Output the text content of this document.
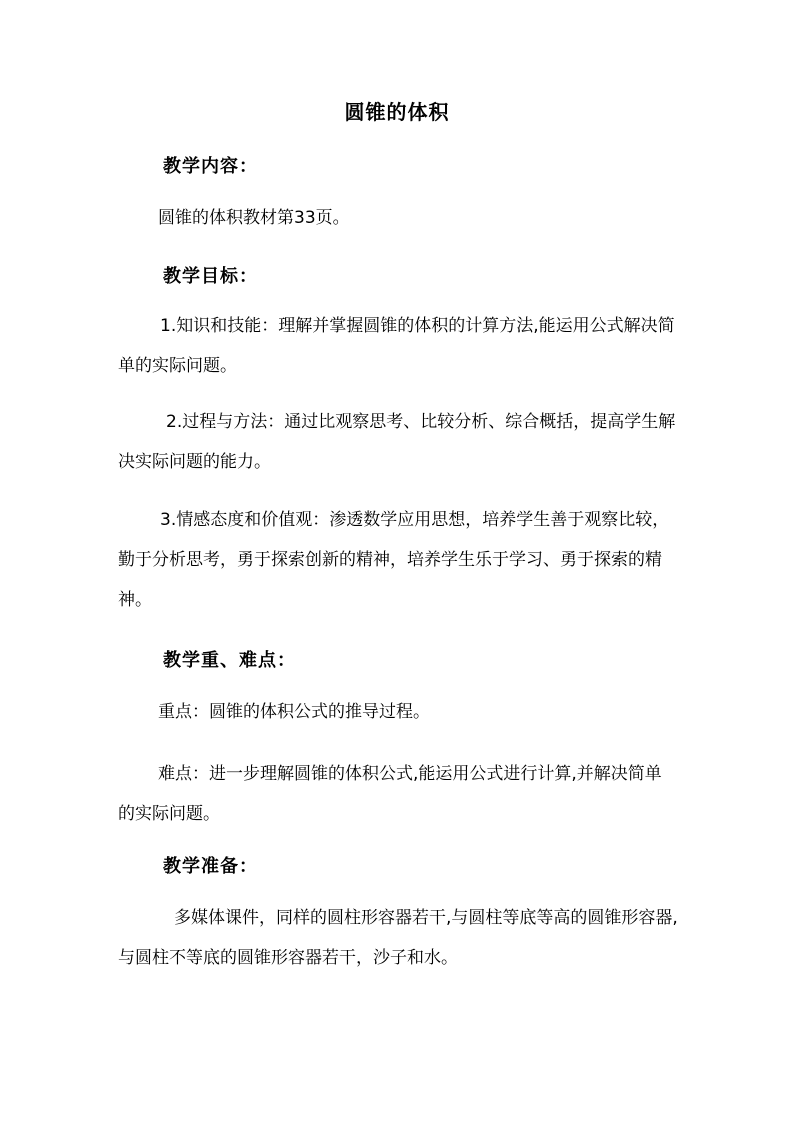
圆锥的体积
教学内容：
圆锥的体积教材第33页。
教学目标：
1.知识和技能：理解并掌握圆锥的体积的计算方法,能运用公式解决简单的实际问题。
2.过程与方法：通过比观察思考、比较分析、综合概括，提高学生解决实际问题的能力。
3.情感态度和价值观：渗透数学应用思想，培养学生善于观察比较，勤于分析思考，勇于探索创新的精神，培养学生乐于学习、勇于探索的精神。
教学重、难点：
重点：圆锥的体积公式的推导过程。
难点：进一步理解圆锥的体积公式,能运用公式进行计算,并解决简单的实际问题。
教学准备：
多媒体课件，同样的圆柱形容器若干,与圆柱等底等高的圆锥形容器,与圆柱不等底的圆锥形容器若干，沙子和水。
